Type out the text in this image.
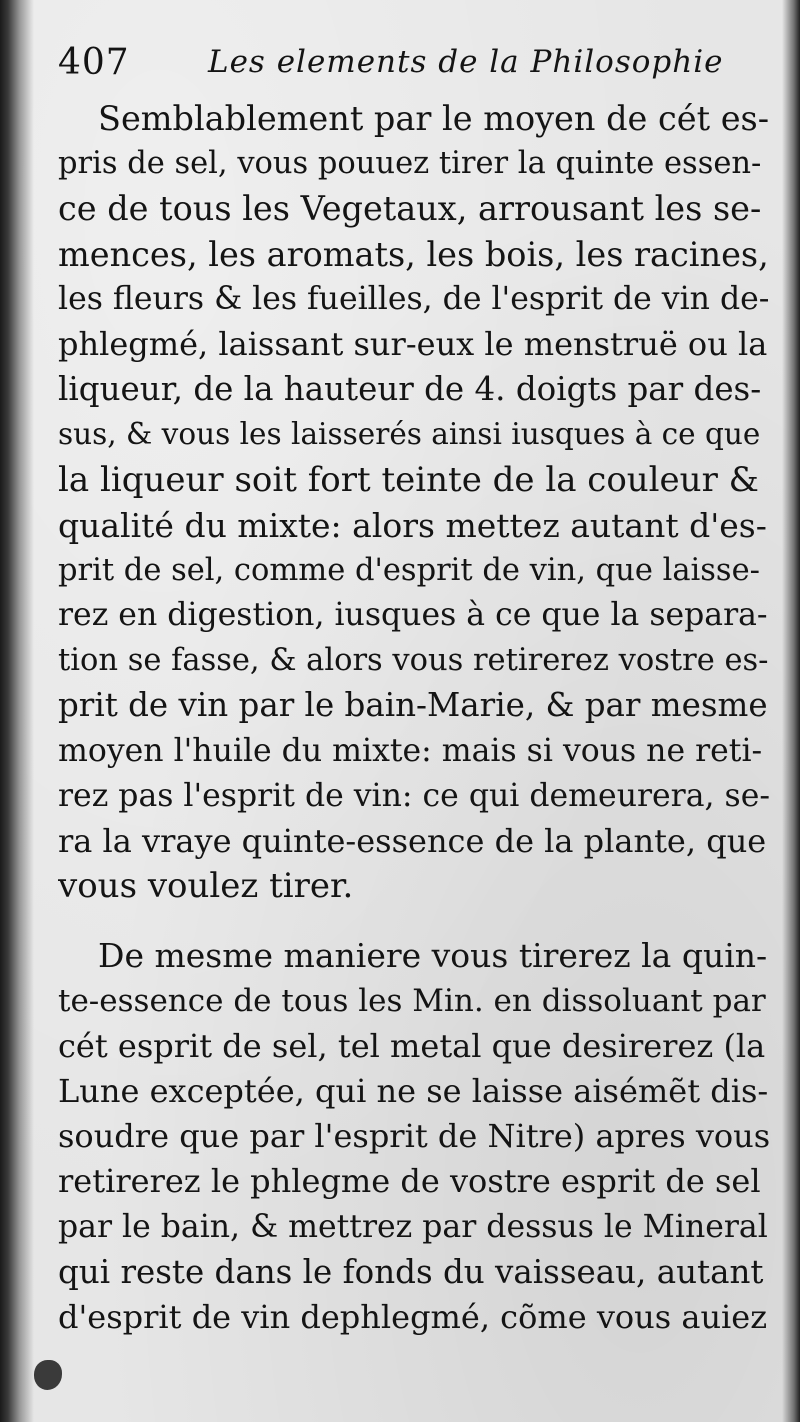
407	Les elements de la Philosophie
Semblablement par le moyen de cét es-
pris de sel, vous pouuez tirer la quinte essen-
ce de tous les Vegetaux, arrousant les se-
mences, les aromats, les bois, les racines,
les fleurs & les fueilles, de l'esprit de vin de-
phlegmé, laissant sur-eux le menstruë ou la
liqueur, de la hauteur de 4. doigts par des-
sus, & vous les laisserés ainsi iusques à ce que
la liqueur soit fort teinte de la couleur &
qualité du mixte: alors mettez autant d'es-
prit de sel, comme d'esprit de vin, que laisse-
rez en digestion, iusques à ce que la separa-
tion se fasse, & alors vous retirerez vostre es-
prit de vin par le bain-Marie, & par mesme
moyen l'huile du mixte: mais si vous ne reti-
rez pas l'esprit de vin: ce qui demeurera, se-
ra la vraye quinte-essence de la plante, que
vous voulez tirer.
De mesme maniere vous tirerez la quin-
te-essence de tous les Min. en dissoluant par
cét esprit de sel, tel metal que desirerez (la
Lune exceptée, qui ne se laisse aisémẽt dis-
soudre que par l'esprit de Nitre) apres vous
retirerez le phlegme de vostre esprit de sel
par le bain, & mettrez par dessus le Mineral
qui reste dans le fonds du vaisseau, autant
d'esprit de vin dephlegmé, cõme vous auiez
